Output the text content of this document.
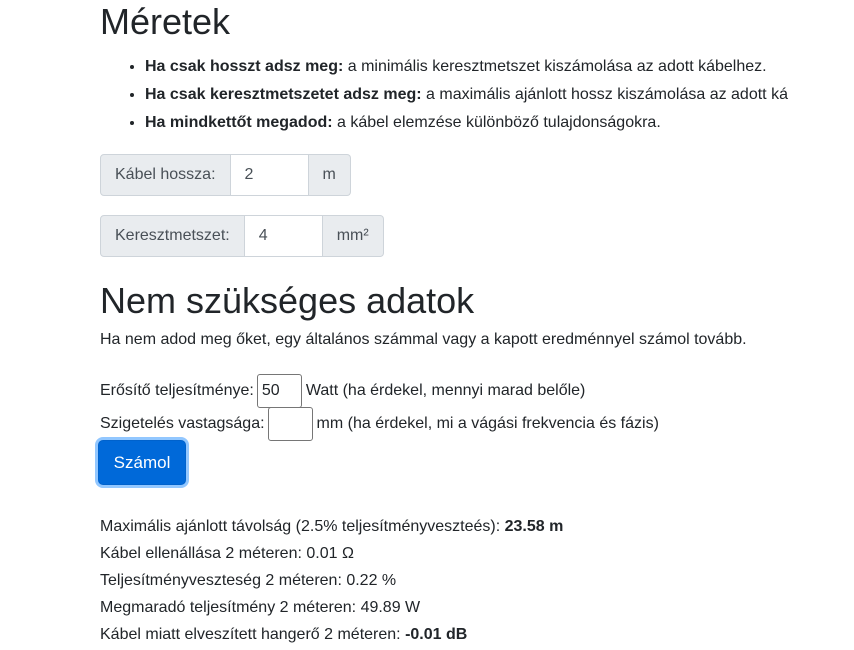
Méretek
• Ha csak hosszt adsz meg: a minimális keresztmetszet kiszámolása az adott kábelhez.
• Ha csak keresztmetszetet adsz meg: a maximális ajánlott hossz kiszámolása az adott ká
• Ha mindkettőt megadod: a kábel elemzése különböző tulajdonságokra.
Kábel hossza:
2	m
Keresztmetszet:
4	mm²
Nem szükséges adatok

Ha nem adod meg őket, egy általános számmal vagy a kapott eredménnyel számol tovább.

Erősítő teljesítménye:
50	Watt (ha érdekel, mennyi marad belőle)
Szigetelés vastagsága:	mm (ha érdekel, mi a vágási frekvencia és fázis)
Számol
Maximális ajánlott távolság (2.5% teljesítményveszteés): 23.58 m
Kábel ellenállása 2 méteren: 0.01 Ω
Teljesítményveszteség 2 méteren: 0.22 %
Megmaradó teljesítmény 2 méteren: 49.89 W
Kábel miatt elveszített hangerő 2 méteren: -0.01 dB
